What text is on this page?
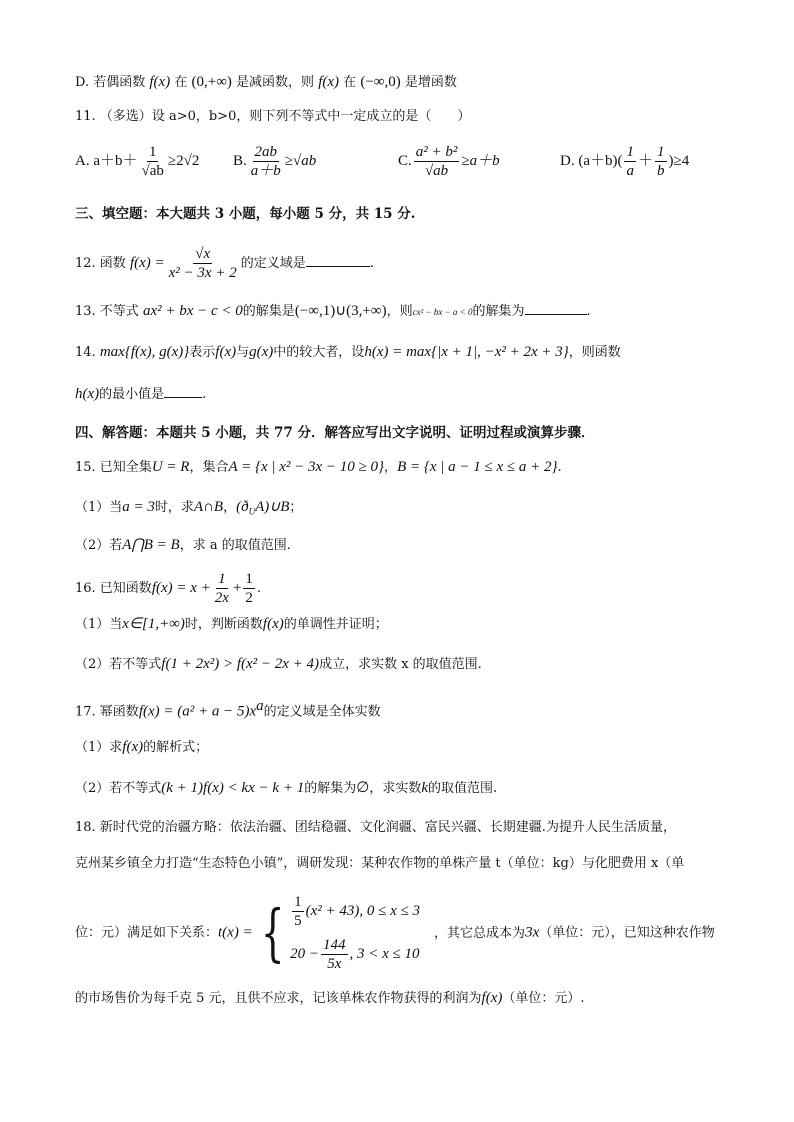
D. 若偶函数 f(x) 在 (0,+∞) 是减函数，则 f(x) 在 (−∞,0) 是增函数
11. （多选）设 a>0，b>0，则下列不等式中一定成立的是（　　）
A. $a+b+ \frac{1}{√ab} \ge 2√2$ B. $\frac{2ab}{a+b} \ge√ab$	C. $\frac{\text{a² + b²}}{√ab} \ge a+b$	D. $(a+b)( \frac{1}{a} + \frac{1}{b} )\ge 4$
三、填空题：本大题共 3 小题，每小题 5 分，共 15 分.
12. 函数 $f(x) = \frac{√x}{\text{x² − 3x + 2}}$ 的定义域是	.
13. 不等式 ax² + bx − c < 0的解集是(−∞,1)∪(3,+∞)，则cx² − bx − a < 0的解集为	.
14. max{f(x), g(x)}表示f(x)与g(x)中的较大者，设h(x) = max{|x + 1|, −x² + 2x + 3}，则函数
h(x)的最小值是	.
四、解答题：本题共 5 小题，共 77 分．解答应写出文字说明、证明过程或演算步骤．
15. 已知全集U = R，集合A = {x | x² − 3x − 10 ≥ 0}，B = {x | a − 1 ≤ x ≤ a + 2}.
（1）当a = 3时，求A∩B，$(ð_UA)\cup B$；
（2）若A⋂B = B，求 a 的取值范围.
16. 已知函数$f(x) = x + \frac{1}{2x} + \frac{1}{2}$ .
（1）当x∈[1,+∞)时，判断函数f(x)的单调性并证明；
（2）若不等式f(1 + 2x²) > f(x² − 2x + 4)成立，求实数 x 的取值范围.
17. 幂函数$f(x) = (a^2 + a - 5)x^a$的定义域是全体实数
（1）求f(x)的解析式；
（2）若不等式(k + 1)f(x) < kx − k + 1的解集为∅，求实数k的取值范围.
18. 新时代党的治疆方略：依法治疆、团结稳疆、文化润疆、富民兴疆、长期建疆.为提升人民生活质量，
克州某乡镇全力打造“生态特色小镇”，调研发现：某种农作物的单株产量 t（单位：kg）与化肥费用 x（单
位：元）满足如下关系：t(x) = { $\frac{1}{5} (x^2 + 43)$, 0 ≤ x ≤ 3
$20 - \frac{144}{5x}$ , 3 < x ≤ 10
，其它总成本为3x（单位：元），已知这种农作物
的市场售价为每千克 5 元，且供不应求，记该单株农作物获得的利润为f(x)（单位：元）.
